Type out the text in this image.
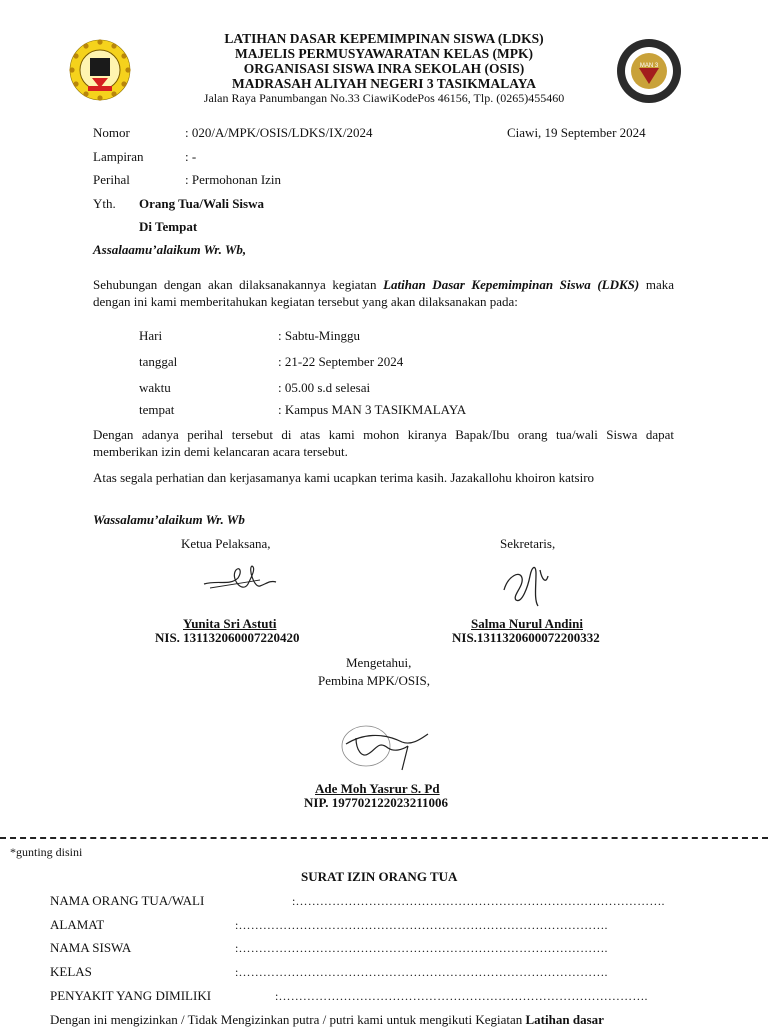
LATIHAN DASAR KEPEMIMPINAN SISWA (LDKS)
MAJELIS PERMUSYAWARATAN KELAS (MPK)
ORGANISASI SISWA INRA SEKOLAH (OSIS)
MADRASAH ALIYAH NEGERI 3 TASIKMALAYA
Jalan Raya Panumbangan No.33 CiawiKodePos 46156, Tlp. (0265)455460
MAN 3
Nomor	: 020/A/MPK/OSIS/LDKS/IX/2024	Ciawi, 19 September 2024
Lampiran	: -
Perihal	: Permohonan Izin
Yth. Orang Tua/Wali Siswa
Di Tempat
Assalaamu’alaikum Wr. Wb,
Sehubungan dengan akan dilaksanakannya kegiatan Latihan Dasar Kepemimpinan Siswa (LDKS) maka dengan ini kami memberitahukan kegiatan tersebut yang akan dilaksanakan pada:
Hari	: Sabtu-Minggu
tanggal	: 21-22 September 2024
waktu	: 05.00 s.d selesai
tempat	: Kampus MAN 3 TASIKMALAYA
Dengan adanya perihal tersebut di atas kami mohon kiranya Bapak/Ibu orang tua/wali Siswa dapat memberikan izin demi kelancaran acara tersebut.
Atas segala perhatian dan kerjasamanya kami ucapkan terima kasih. Jazakallohu khoiron katsiro
Wassalamu’alaikum Wr. Wb
Ketua Pelaksana,	Sekretaris,
Yunita Sri Astuti
NIS. 131132060007220420
Salma Nurul Andini
NIS.131132060007220033​2
Mengetahui,
Pembina MPK/OSIS,
Ade Moh Yasrur S. Pd
NIP. 197702122023211006
*gunting disini
SURAT IZIN ORANG TUA
NAMA ORANG TUA/WALI	:……………………………………………………………………………….
ALAMAT	:……………………………………………………………………………….
NAMA SISWA	:……………………………………………………………………………….
KELAS	:……………………………………………………………………………….
PENYAKIT YANG DIMILIKI	:……………………………………………………………………………….
Dengan ini mengizinkan / Tidak Mengizinkan putra / putri kami untuk mengikuti Kegiatan Latihan dasar
